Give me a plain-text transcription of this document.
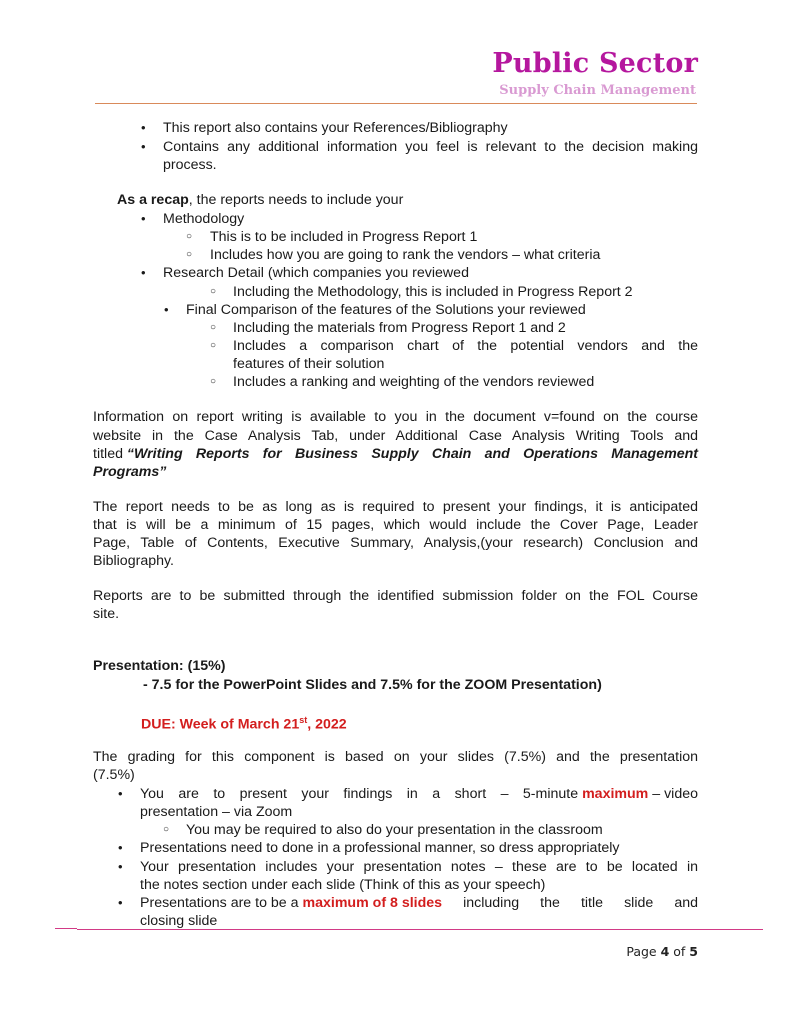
Public Sector
Supply Chain Management
• This report also contains your References/Bibliography
• Contains any additional information you feel is relevant to the decision making
process.
As a recap, the reports needs to include your
• Methodology
○ This is to be included in Progress Report 1
○ Includes how you are going to rank the vendors – what criteria
• Research Detail (which companies you reviewed
○ Including the Methodology, this is included in Progress Report 2
• Final Comparison of the features of the Solutions your reviewed
○ Including the materials from Progress Report 1 and 2
○ Includes a comparison chart of the potential vendors and the
features of their solution
○ Includes a ranking and weighting of the vendors reviewed
Information on report writing is available to you in the document v=found on the course
website in the Case Analysis Tab, under Additional Case Analysis Writing Tools and
titled “Writing Reports for Business Supply Chain and Operations Management
Programs”
The report needs to be as long as is required to present your findings, it is anticipated
that is will be a minimum of 15 pages, which would include the Cover Page, Leader
Page, Table of Contents, Executive Summary, Analysis,(your research) Conclusion and
Bibliography.
Reports are to be submitted through the identified submission folder on the FOL Course
site.
Presentation: (15%)
- 7.5 for the PowerPoint Slides and 7.5% for the ZOOM Presentation)
DUE: Week of March 21st, 2022
The grading for this component is based on your slides (7.5%) and the presentation
(7.5%)
• You are to present your findings in a short – 5-minute maximum – video
presentation – via Zoom
○ You may be required to also do your presentation in the classroom
• Presentations need to done in a professional manner, so dress appropriately
• Your presentation includes your presentation notes – these are to be located in
the notes section under each slide (Think of this as your speech)
• Presentations are to be a maximum of 8 slides including the title slide and
closing slide
Page 4 of 5
